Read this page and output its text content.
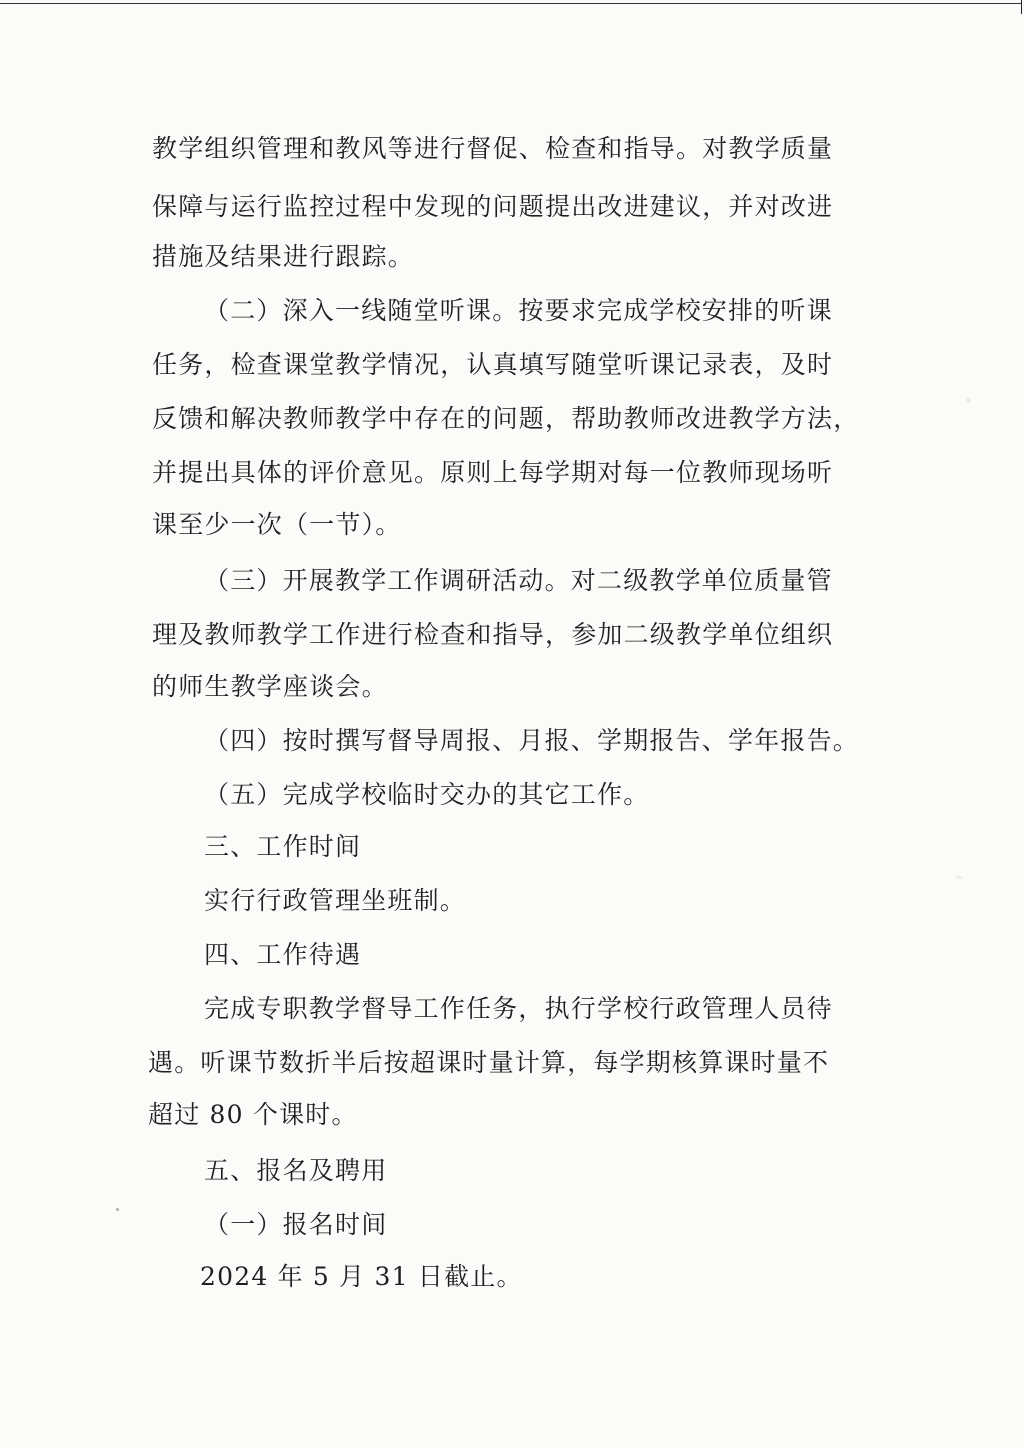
教学组织管理和教风等进行督促、检查和指导。对教学质量
保障与运行监控过程中发现的问题提出改进建议，并对改进
措施及结果进行跟踪。
（二）深入一线随堂听课。按要求完成学校安排的听课
任务，检查课堂教学情况，认真填写随堂听课记录表，及时
反馈和解决教师教学中存在的问题，帮助教师改进教学方法，
并提出具体的评价意见。原则上每学期对每一位教师现场听
课至少一次（一节）。
（三）开展教学工作调研活动。对二级教学单位质量管
理及教师教学工作进行检查和指导，参加二级教学单位组织
的师生教学座谈会。
（四）按时撰写督导周报、月报、学期报告、学年报告。
（五）完成学校临时交办的其它工作。
三、工作时间
实行行政管理坐班制。
四、工作待遇
完成专职教学督导工作任务，执行学校行政管理人员待
遇。听课节数折半后按超课时量计算，每学期核算课时量不
超过 80 个课时。
五、报名及聘用
（一）报名时间
2024 年 5 月 31 日截止。
